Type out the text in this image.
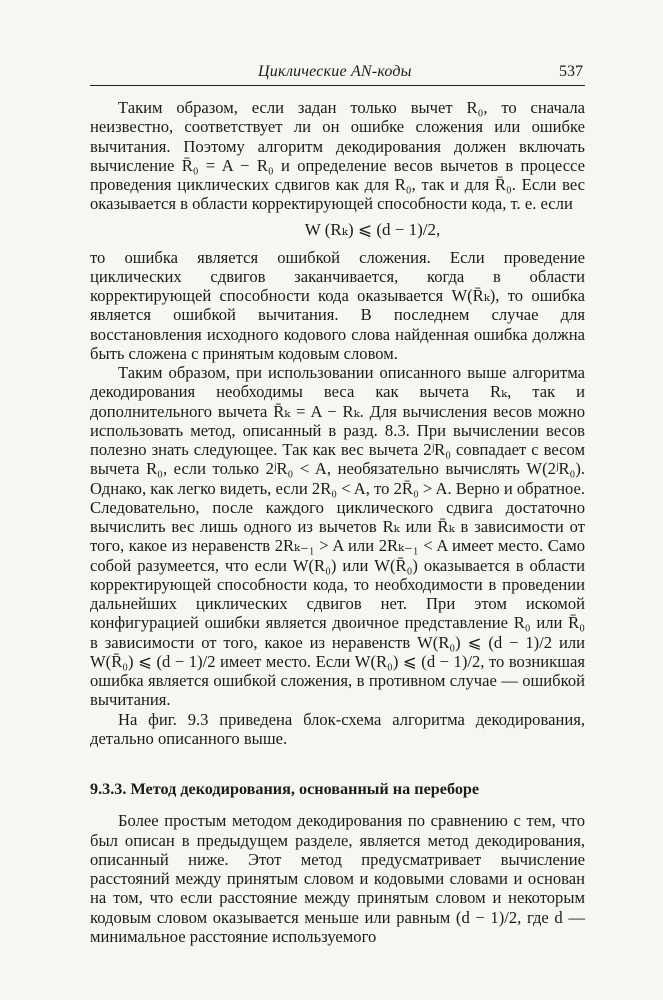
Циклические AN-коды	537

Таким образом, если задан только вычет R₀, то сначала неизвестно, соответствует ли он ошибке сложения или ошибке вычитания. Поэтому алгоритм декодирования должен включать вычисление R̄₀ = A − R₀ и определение весов вычетов в процессе проведения циклических сдвигов как для R₀, так и для R̄₀. Если вес оказывается в области корректирующей способности кода, т. е. если

W (Rₖ) ⩽ (d − 1)/2,

то ошибка является ошибкой сложения. Если проведение циклических сдвигов заканчивается, когда в области корректирующей способности кода оказывается W(R̄ₖ), то ошибка является ошибкой вычитания. В последнем случае для восстановления исходного кодового слова найденная ошибка должна быть сложена с принятым кодовым словом.

Таким образом, при использовании описанного выше алгоритма декодирования необходимы веса как вычета Rₖ, так и дополнительного вычета R̄ₖ = A − Rₖ. Для вычисления весов можно использовать метод, описанный в разд. 8.3. При вычислении весов полезно знать следующее. Так как вес вычета 2ʲR₀ совпадает с весом вычета R₀, если только 2ʲR₀ < A, необязательно вычислять W(2ʲR₀). Однако, как легко видеть, если 2R₀ < A, то 2R̄₀ > A. Верно и обратное. Следовательно, после каждого циклического сдвига достаточно вычислить вес лишь одного из вычетов Rₖ или R̄ₖ в зависимости от того, какое из неравенств 2Rₖ₋₁ > A или 2Rₖ₋₁ < A имеет место. Само собой разумеется, что если W(R₀) или W(R̄₀) оказывается в области корректирующей способности кода, то необходимости в проведении дальнейших циклических сдвигов нет. При этом искомой конфигурацией ошибки является двоичное представление R₀ или R̄₀ в зависимости от того, какое из неравенств W(R₀) ⩽ (d − 1)/2 или W(R̄₀) ⩽ (d − 1)/2 имеет место. Если W(R₀) ⩽ (d − 1)/2, то возникшая ошибка является ошибкой сложения, в противном случае — ошибкой вычитания.

На фиг. 9.3 приведена блок-схема алгоритма декодирования, детально описанного выше.

9.3.3. Метод декодирования, основанный на переборе

Более простым методом декодирования по сравнению с тем, что был описан в предыдущем разделе, является метод декодирования, описанный ниже. Этот метод предусматривает вычисление расстояний между принятым словом и кодовыми словами и основан на том, что если расстояние между принятым словом и некоторым кодовым словом оказывается меньше или равным (d − 1)/2, где d — минимальное расстояние используемого
